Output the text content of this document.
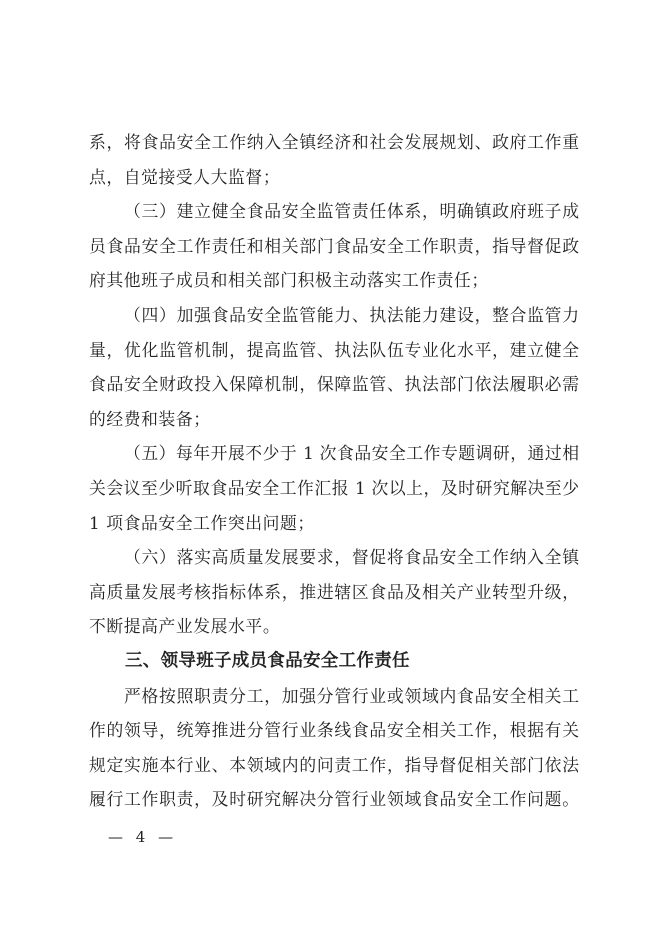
系，将食品安全工作纳入全镇经济和社会发展规划、政府工作重
点，自觉接受人大监督；
（三）建立健全食品安全监管责任体系，明确镇政府班子成
员食品安全工作责任和相关部门食品安全工作职责，指导督促政
府其他班子成员和相关部门积极主动落实工作责任；
（四）加强食品安全监管能力、执法能力建设，整合监管力
量，优化监管机制，提高监管、执法队伍专业化水平，建立健全
食品安全财政投入保障机制，保障监管、执法部门依法履职必需
的经费和装备；
（五）每年开展不少于 1 次食品安全工作专题调研，通过相
关会议至少听取食品安全工作汇报 1 次以上，及时研究解决至少
1 项食品安全工作突出问题；
（六）落实高质量发展要求，督促将食品安全工作纳入全镇
高质量发展考核指标体系，推进辖区食品及相关产业转型升级，
不断提高产业发展水平。
三、领导班子成员食品安全工作责任
严格按照职责分工，加强分管行业或领域内食品安全相关工
作的领导，统筹推进分管行业条线食品安全相关工作，根据有关
规定实施本行业、本领域内的问责工作，指导督促相关部门依法
履行工作职责，及时研究解决分管行业领域食品安全工作问题。
— 4 —
